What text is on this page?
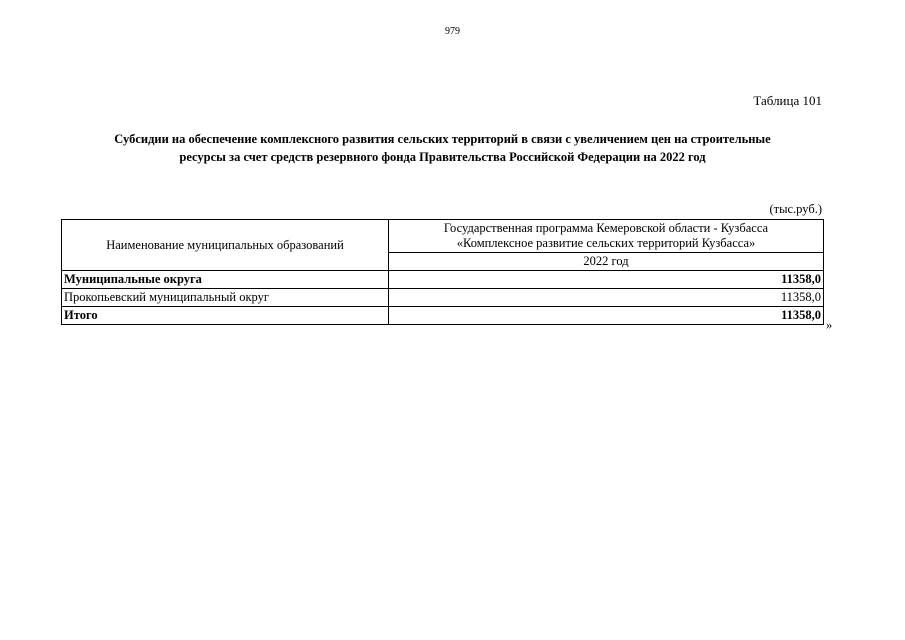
979
Таблица 101
Субсидии на обеспечение комплексного развития сельских территорий в связи с увеличением цен на строительные
ресурсы за счет средств резервного фонда Правительства Российской Федерации на 2022 год
(тыс.руб.)
Наименование муниципальных образований	Государственная программа Кемеровской области - Кузбасса
«Комплексное развитие сельских территорий Кузбасса»

	2022 год
Муниципальные округа	11358,0
Прокопьевский муниципальный округ	11358,0
Итого	11358,0
»
